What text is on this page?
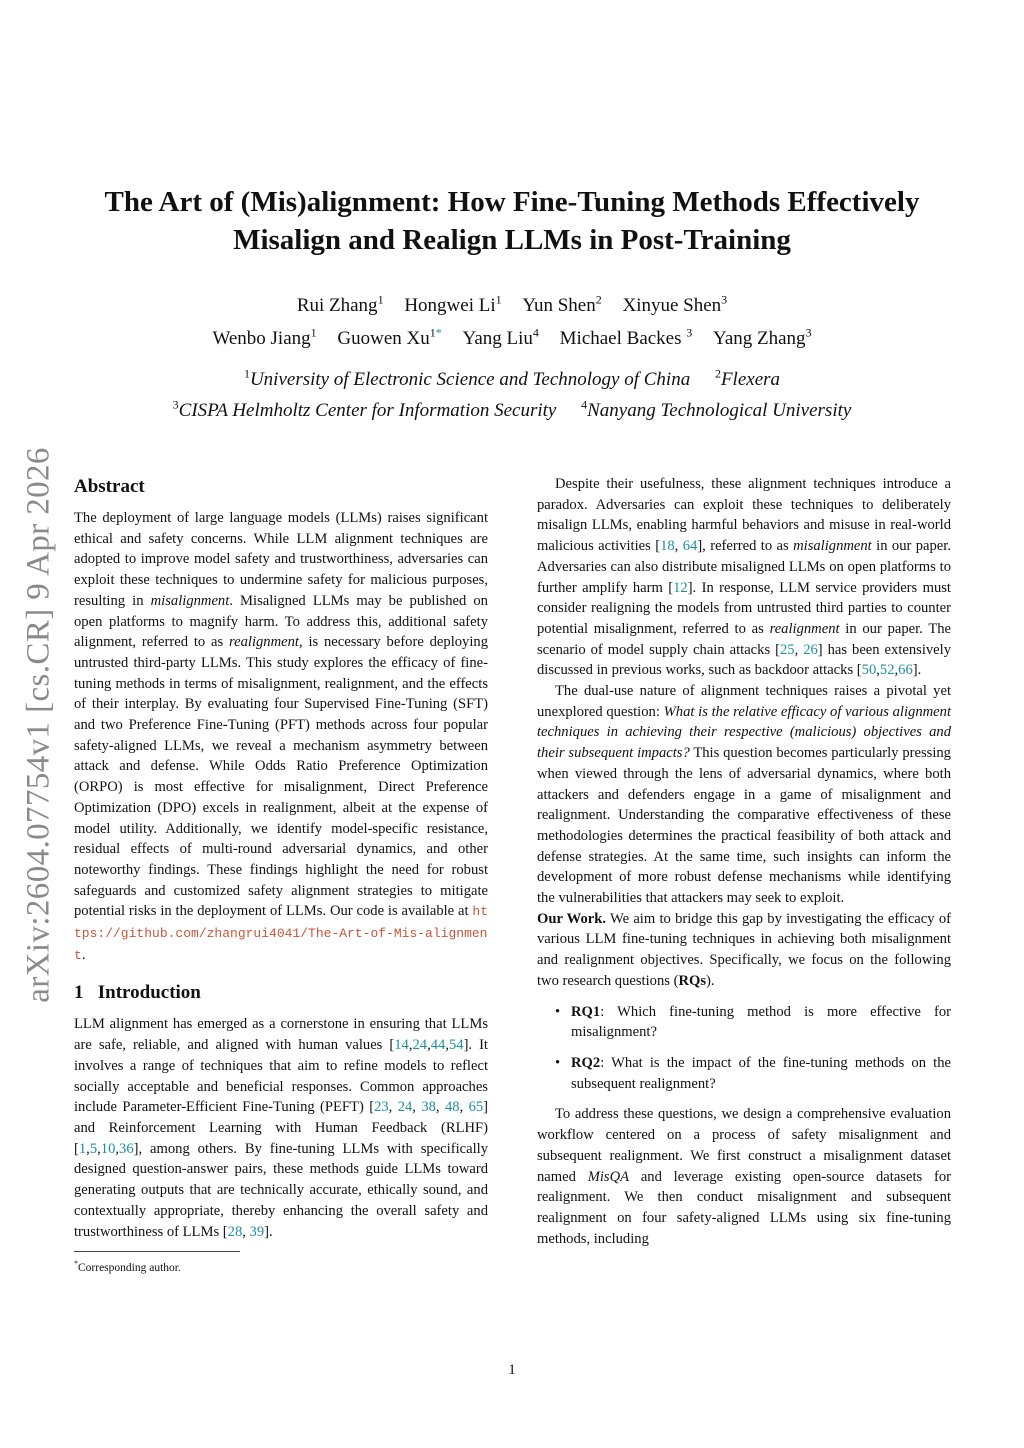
arXiv:2604.07754v1 [cs.CR] 9 Apr 2026
The Art of (Mis)alignment: How Fine-Tuning Methods Effectively
Misalign and Realign LLMs in Post-Training
Rui Zhang$^1$ Hongwei Li$^1$ Yun Shen$^2$ Xinyue Shen$^3$
Wenbo Jiang$^1$ Guowen $Xu^{1*}$ Yang Liu$^4$ Michael Backes $^3$ Yang Zhang$^3$
$^1$University of Electronic Science and Technology of China $^2$Flexera
$^3$CISPA Helmholtz Center for Information Security $^4$Nanyang Technological University
Abstract

The deployment of large language models (LLMs) raises significant ethical and safety concerns. While LLM alignment techniques are adopted to improve model safety and trustworthiness, adversaries can exploit these techniques to undermine safety for malicious purposes, resulting in misalignment. Misaligned LLMs may be published on open platforms to magnify harm. To address this, additional safety alignment, referred to as realignment, is necessary before deploying untrusted third-party LLMs. This study explores the efficacy of fine-tuning methods in terms of misalignment, realignment, and the effects of their interplay. By evaluating four Supervised Fine-Tuning (SFT) and two Preference Fine-Tuning (PFT) methods across four popular safety-aligned LLMs, we reveal a mechanism asymmetry between attack and defense. While Odds Ratio Preference Optimization (ORPO) is most effective for misalignment, Direct Preference Optimization (DPO) excels in realignment, albeit at the expense of model utility. Additionally, we identify model-specific resistance, residual effects of multi-round adversarial dynamics, and other noteworthy findings. These findings highlight the need for robust safeguards and customized safety alignment strategies to mitigate potential risks in the deployment of LLMs. Our code is available at https://github.com/zhangrui4041/The-Art-of-Mis-alignment.

1 Introduction

LLM alignment has emerged as a cornerstone in ensuring that LLMs are safe, reliable, and aligned with human values [14,24,44,54]. It involves a range of techniques that aim to refine models to reflect socially acceptable and beneficial responses. Common approaches include Parameter-Efficient Fine-Tuning (PEFT) [23, 24, 38, 48, 65] and Reinforcement Learning with Human Feedback (RLHF) [1,5,10,36], among others. By fine-tuning LLMs with specifically designed question-answer pairs, these methods guide LLMs toward generating outputs that are technically accurate, ethically sound, and contextually appropriate, thereby enhancing the overall safety and trustworthiness of LLMs [28, 39].

*Corresponding author.

Despite their usefulness, these alignment techniques introduce a paradox. Adversaries can exploit these techniques to deliberately misalign LLMs, enabling harmful behaviors and misuse in real-world malicious activities [18, 64], referred to as misalignment in our paper. Adversaries can also distribute misaligned LLMs on open platforms to further amplify harm [12]. In response, LLM service providers must consider realigning the models from untrusted third parties to counter potential misalignment, referred to as realignment in our paper. The scenario of model supply chain attacks [25, 26] has been extensively discussed in previous works, such as backdoor attacks [50,52,66].

The dual-use nature of alignment techniques raises a pivotal yet unexplored question: What is the relative efficacy of various alignment techniques in achieving their respective (malicious) objectives and their subsequent impacts? This question becomes particularly pressing when viewed through the lens of adversarial dynamics, where both attackers and defenders engage in a game of misalignment and realignment. Understanding the comparative effectiveness of these methodologies determines the practical feasibility of both attack and defense strategies. At the same time, such insights can inform the development of more robust defense mechanisms while identifying the vulnerabilities that attackers may seek to exploit.

Our Work. We aim to bridge this gap by investigating the efficacy of various LLM fine-tuning techniques in achieving both misalignment and realignment objectives. Specifically, we focus on the following two research questions (RQs).

• RQ1: Which fine-tuning method is more effective for misalignment?
• RQ2: What is the impact of the fine-tuning methods on the subsequent realignment?

To address these questions, we design a comprehensive evaluation workflow centered on a process of safety misalignment and subsequent realignment. We first construct a misalignment dataset named MisQA and leverage existing open-source datasets for realignment. We then conduct misalignment and subsequent realignment on four safety-aligned LLMs using six fine-tuning methods, including

1
